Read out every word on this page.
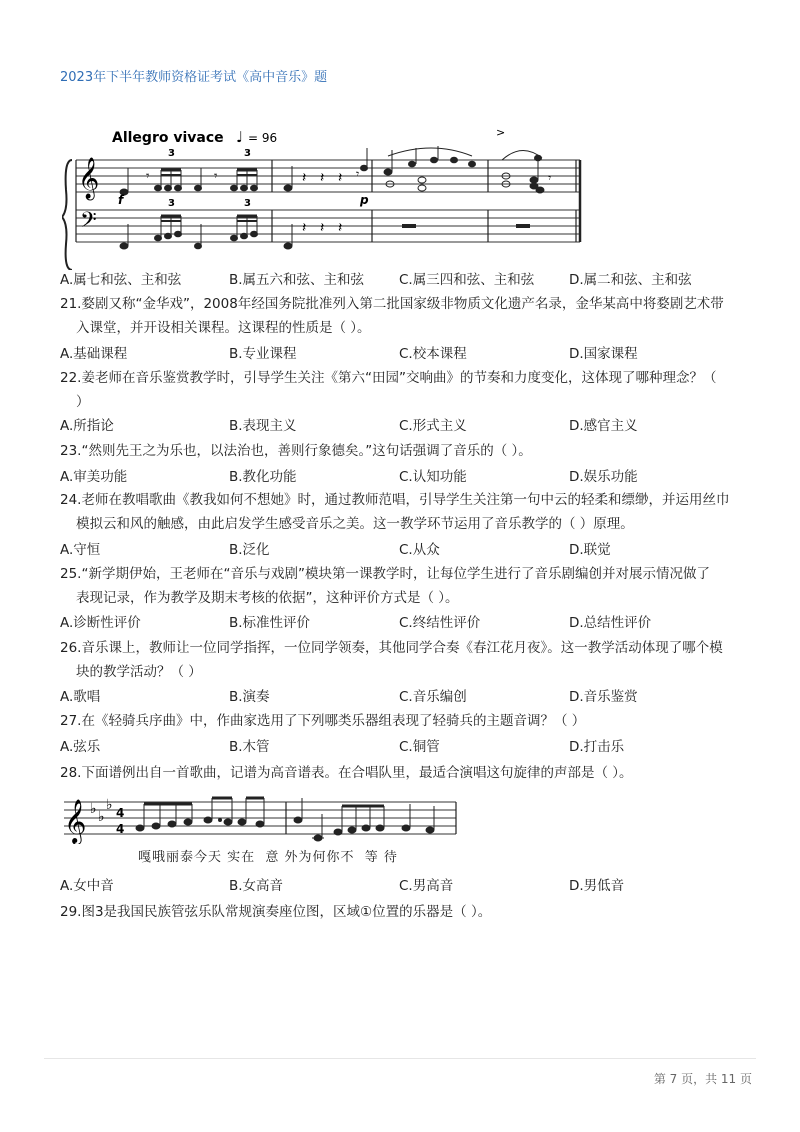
2023年下半年教师资格证考试《高中音乐》题
Allegro vivace ♩ = 96
𝄞
𝄢
𝄾	𝄾
3	3
f	3	3
𝄽 𝄽 𝄽 𝄾
𝄽 𝄽 𝄽
p
>
𝄾
A.属七和弦、主和弦	B.属五六和弦、主和弦	C.属三四和弦、主和弦	D.属二和弦、主和弦
21.婺剧又称“金华戏”，2008年经国务院批准列入第二批国家级非物质文化遗产名录，金华某高中将婺剧艺术带
入课堂，并开设相关课程。这课程的性质是（ ）。
A.基础课程	B.专业课程	C.校本课程	D.国家课程
22.姜老师在音乐鉴赏教学时，引导学生关注《第六“田园”交响曲》的节奏和力度变化，这体现了哪种理念？（
）
A.所指论	B.表现主义	C.形式主义	D.感官主义
23.“然则先王之为乐也，以法治也，善则行象德矣。”这句话强调了音乐的（ ）。
A.审美功能	B.教化功能	C.认知功能	D.娱乐功能
24.老师在教唱歌曲《教我如何不想她》时，通过教师范唱，引导学生关注第一句中云的轻柔和缥缈，并运用丝巾
模拟云和风的触感，由此启发学生感受音乐之美。这一教学环节运用了音乐教学的（ ）原理。
A.守恒	B.泛化	C.从众	D.联觉
25.“新学期伊始，王老师在“音乐与戏剧”模块第一课教学时，让每位学生进行了音乐剧编创并对展示情况做了
表现记录，作为教学及期末考核的依据”，这种评价方式是（ ）。
A.诊断性评价	B.标准性评价	C.终结性评价	D.总结性评价
26.音乐课上，教师让一位同学指挥，一位同学领奏，其他同学合奏《春江花月夜》。这一教学活动体现了哪个模
块的教学活动？（ ）
A.歌唱	B.演奏	C.音乐编创	D.音乐鉴赏
27.在《轻骑兵序曲》中，作曲家选用了下列哪类乐器组表现了轻骑兵的主题音调？（ ）
A.弦乐	B.木管	C.铜管	D.打击乐
28.下面谱例出自一首歌曲，记谱为高音谱表。在合唱队里，最适合演唱这句旋律的声部是（ ）。
𝄞 ♭ ♭
♭ 4
4
嘎哦丽泰今天 实在  意 外为何你不  等 待
A.女中音	B.女高音	C.男高音	D.男低音
29.图3是我国民族管弦乐队常规演奏座位图，区域①位置的乐器是（ ）。
第 7 页，共 11 页
